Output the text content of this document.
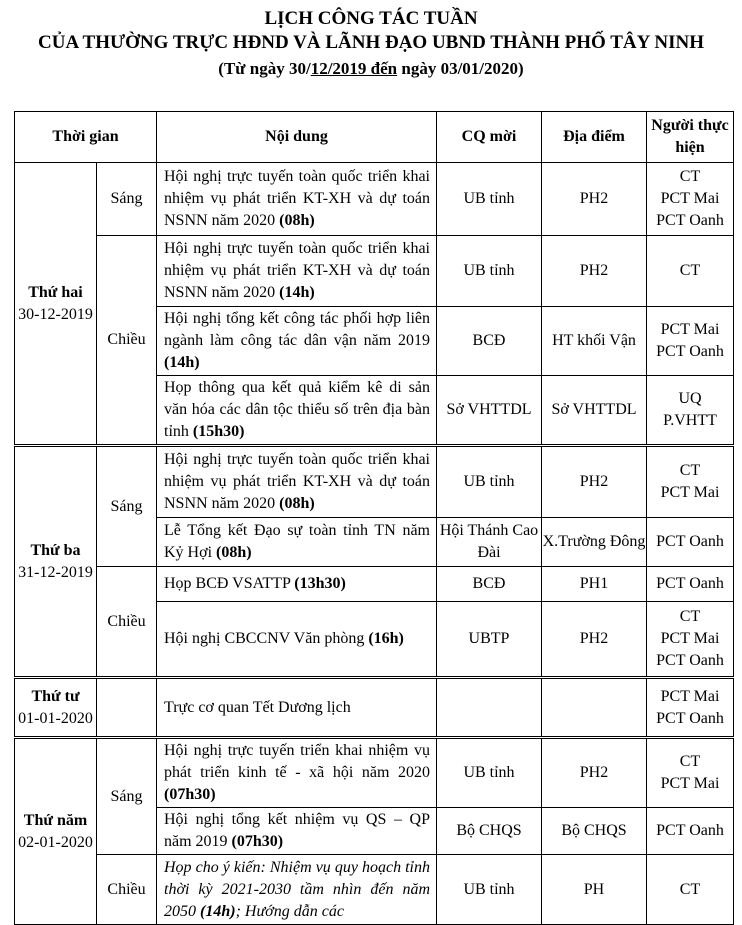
LỊCH CÔNG TÁC TUẦN
CỦA THƯỜNG TRỰC HĐND VÀ LÃNH ĐẠO UBND THÀNH PHỐ TÂY NINH
(Từ ngày 30/12/2019 đến ngày 03/01/2020)
Thời gian		Nội dung	CQ mời	Địa điểm	Người thực
hiện

Thứ hai
30-12-2019	Sáng	Hội nghị trực tuyến toàn quốc triển khai nhiệm vụ phát triển KT-XH và dự toán NSNN năm 2020 (08h)	UB tỉnh	PH2	CT
PCT Mai
PCT Oanh

	Chiều	Hội nghị trực tuyến toàn quốc triển khai nhiệm vụ phát triển KT-XH và dự toán NSNN năm 2020 (14h)	UB tỉnh	PH2	CT

		Hội nghị tổng kết công tác phối hợp liên ngành làm công tác dân vận năm 2019 (14h)	BCĐ	HT khối Vận	PCT Mai
PCT Oanh

		Họp thông qua kết quả kiểm kê di sản văn hóa các dân tộc thiểu số trên địa bàn tỉnh (15h30)	Sở VHTTDL	Sở VHTTDL	UQ
P.VHTT

Thứ ba
31-12-2019	Sáng	Hội nghị trực tuyến toàn quốc triển khai nhiệm vụ phát triển KT-XH và dự toán NSNN năm 2020 (08h)	UB tỉnh	PH2	CT
PCT Mai

		Lễ Tổng kết Đạo sự toàn tỉnh TN năm Kỷ Hợi (08h)	Hội Thánh Cao Đài	X.Trường Đông	PCT Oanh

	Chiều	Họp BCĐ VSATTP (13h30)	BCĐ	PH1	PCT Oanh

		Hội nghị CBCCNV Văn phòng (16h)	UBTP	PH2	CT
PCT Mai
PCT Oanh

Thứ tư
01-01-2020		Trực cơ quan Tết Dương lịch			PCT Mai
PCT Oanh

Thứ năm
02-01-2020	Sáng	Hội nghị trực tuyến triển khai nhiệm vụ phát triển kinh tế - xã hội năm 2020 (07h30)	UB tỉnh	PH2	CT
PCT Mai

		Hội nghị tổng kết nhiệm vụ QS – QP năm 2019 (07h30)	Bộ CHQS	Bộ CHQS	PCT Oanh

	Chiều	Họp cho ý kiến: Nhiệm vụ quy hoạch tỉnh thời kỳ 2021-2030 tầm nhìn đến năm 2050 (14h); Hướng dẫn các	UB tỉnh	PH	CT
